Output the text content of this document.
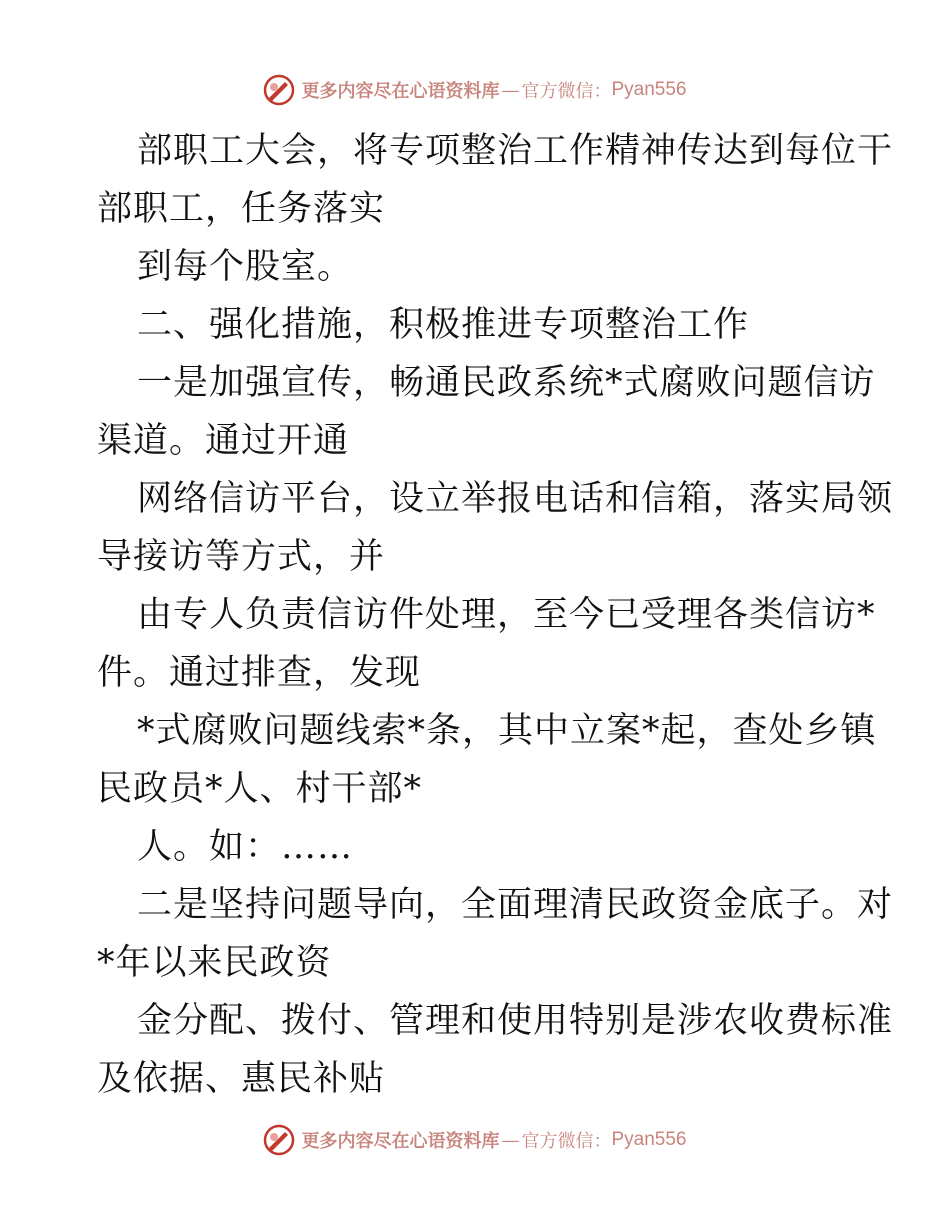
更多内容尽在心语资料库 — 官方微信： Pyan556
部职工大会，将专项整治工作精神传达到每位干
部职工，任务落实
到每个股室。
二、强化措施，积极推进专项整治工作
一是加强宣传，畅通民政系统*式腐败问题信访
渠道。通过开通
网络信访平台，设立举报电话和信箱，落实局领
导接访等方式，并
由专人负责信访件处理，至今已受理各类信访*
件。通过排查，发现
*式腐败问题线索*条，其中立案*起，查处乡镇
民政员*人、村干部*
人。如：……
二是坚持问题导向，全面理清民政资金底子。对
*年以来民政资
金分配、拨付、管理和使用特别是涉农收费标准
及依据、惠民补贴
更多内容尽在心语资料库 — 官方微信： Pyan556
